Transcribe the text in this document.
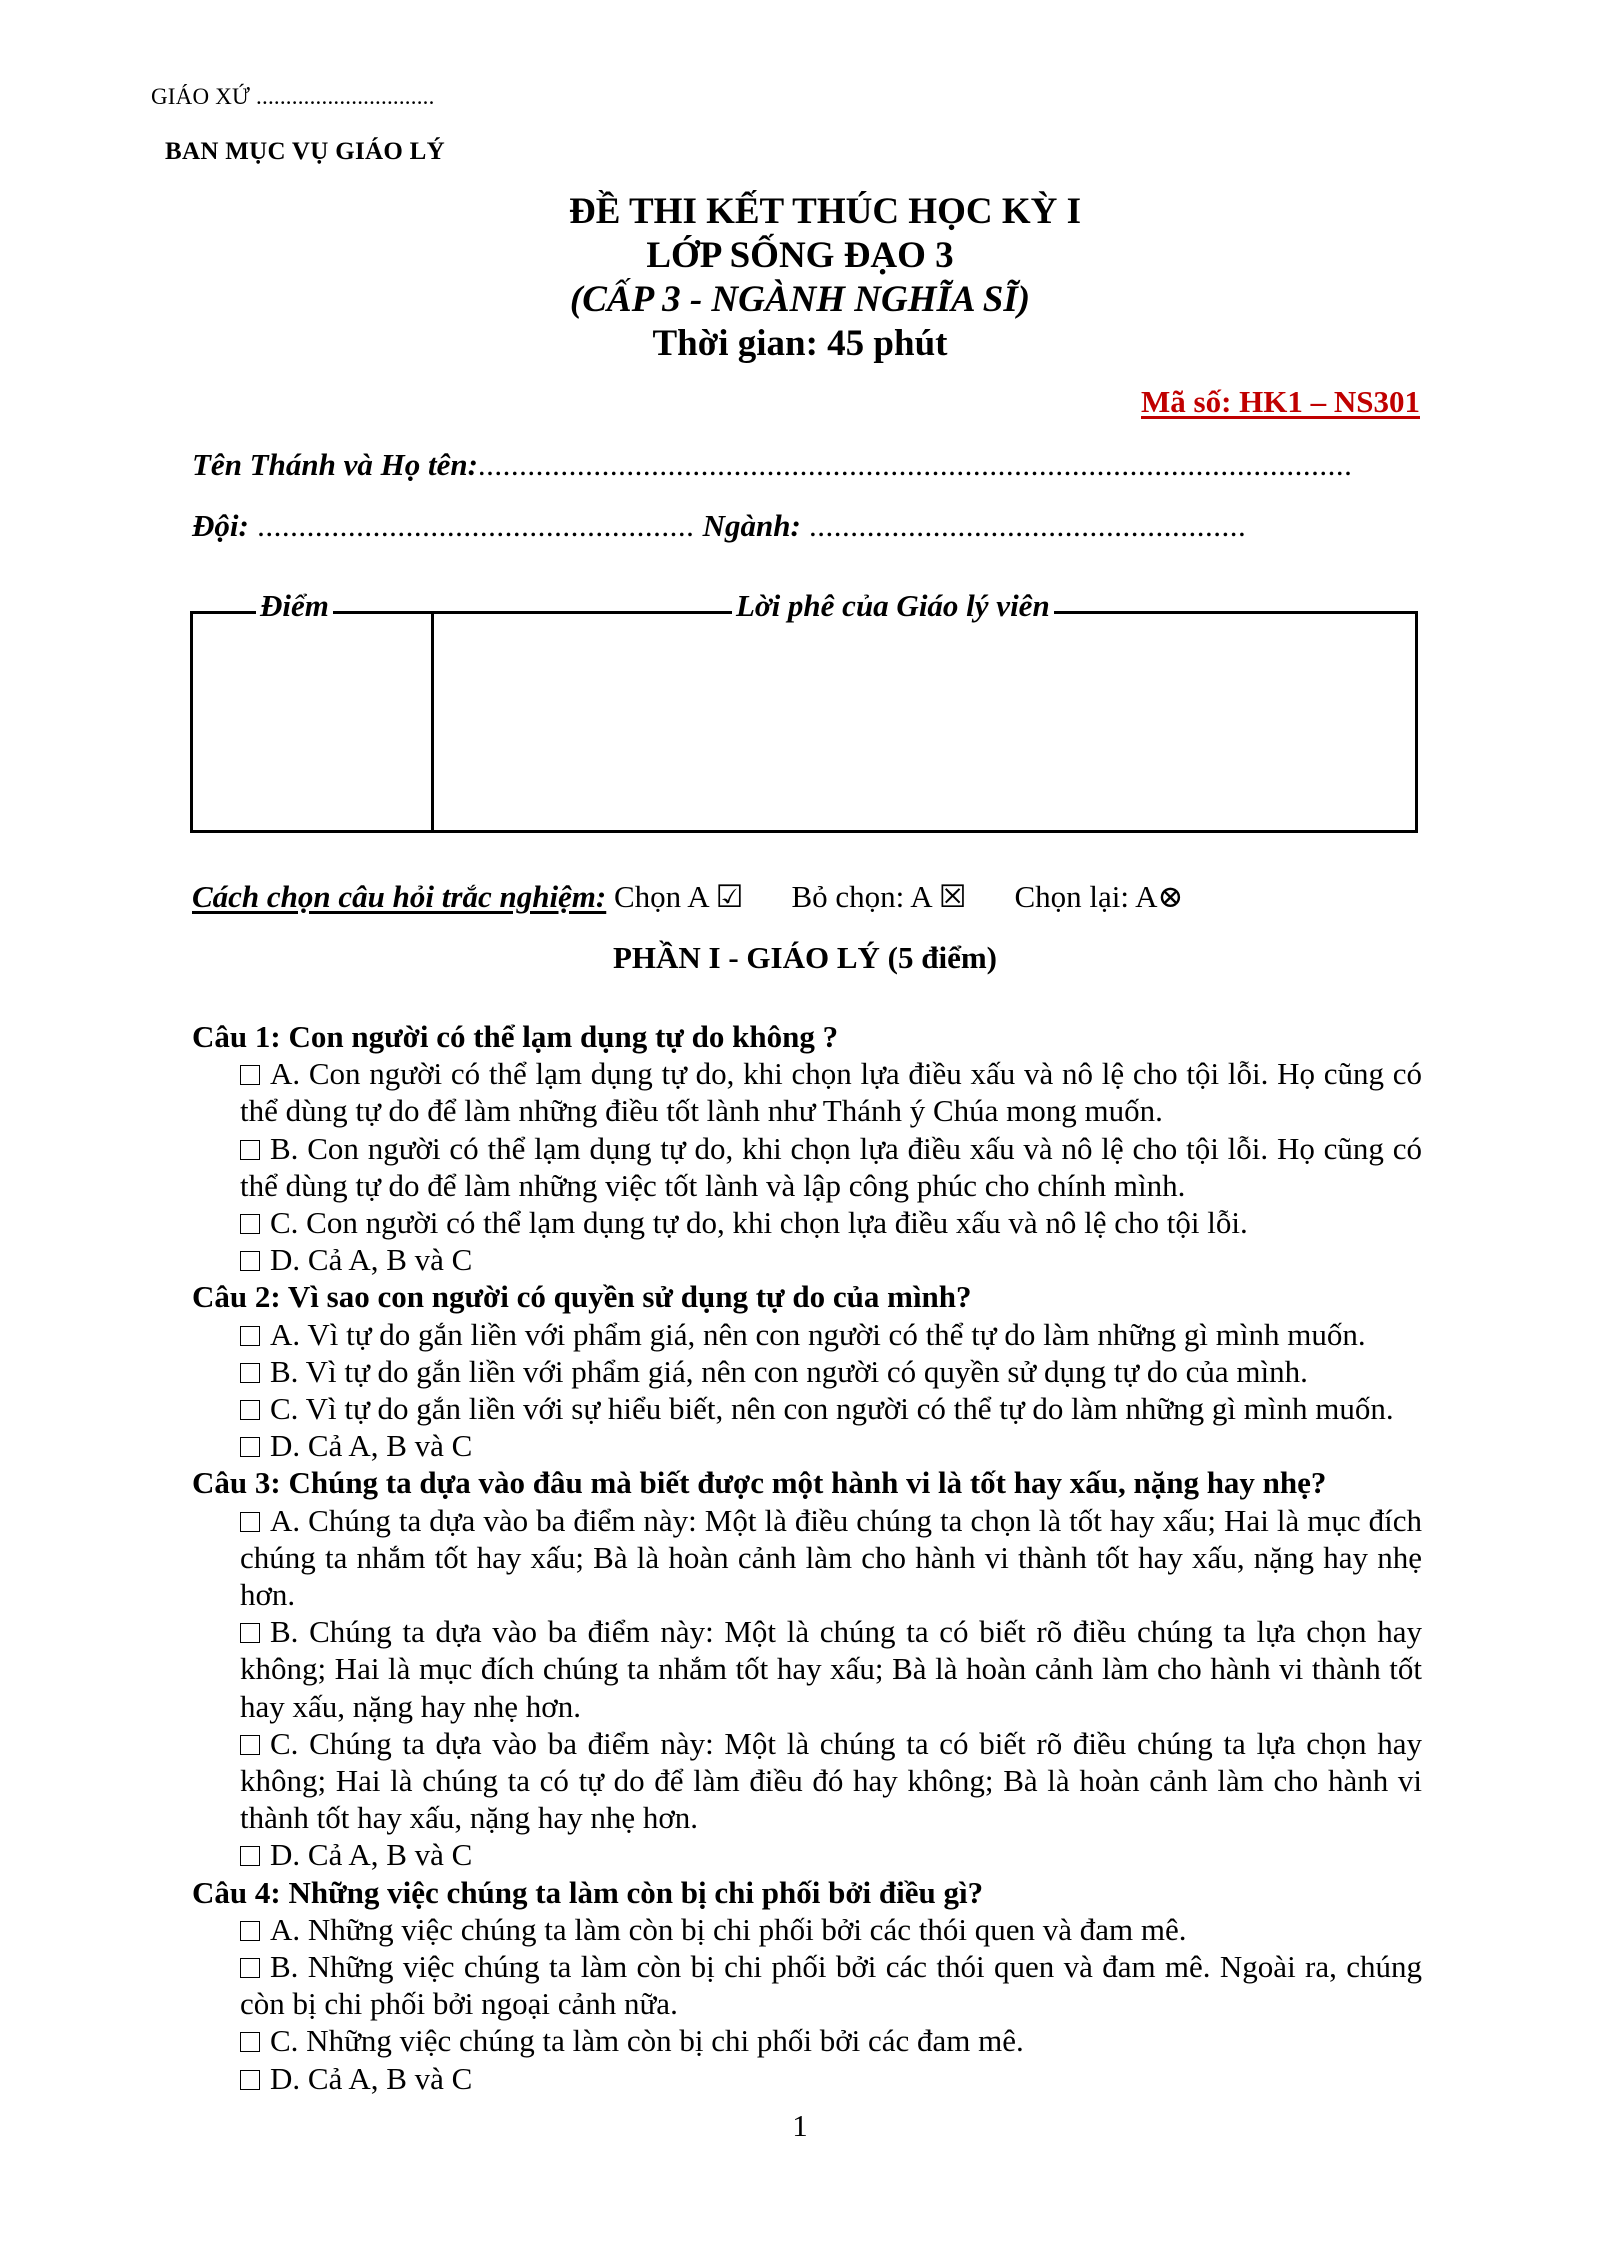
GIÁO XỨ ..............................
BAN MỤC VỤ GIÁO LÝ
ĐỀ THI KẾT THÚC HỌC KỲ I
LỚP SỐNG ĐẠO 3
(CẤP 3 - NGÀNH NGHĨA SĨ)
Thời gian: 45 phút
Mã số: HK1 – NS301
Tên Thánh và Họ tên:..........................................................................................................
Đội: ..................................................... Ngành: .....................................................
Điểm	Lời phê của Giáo lý viên
Cách chọn câu hỏi trắc nghiệm: Chọn A ☑ Bỏ chọn: A ☒ Chọn lại: A⊗
PHẦN I - GIÁO LÝ (5 điểm)
Câu 1: Con người có thể lạm dụng tự do không ?
A. Con người có thể lạm dụng tự do, khi chọn lựa điều xấu và nô lệ cho tội lỗi. Họ cũng có thể dùng tự do để làm những điều tốt lành như Thánh ý Chúa mong muốn.
B. Con người có thể lạm dụng tự do, khi chọn lựa điều xấu và nô lệ cho tội lỗi. Họ cũng có thể dùng tự do để làm những việc tốt lành và lập công phúc cho chính mình.
C. Con người có thể lạm dụng tự do, khi chọn lựa điều xấu và nô lệ cho tội lỗi.
D. Cả A, B và C
Câu 2: Vì sao con người có quyền sử dụng tự do của mình?
A. Vì tự do gắn liền với phẩm giá, nên con người có thể tự do làm những gì mình muốn.
B. Vì tự do gắn liền với phẩm giá, nên con người có quyền sử dụng tự do của mình.
C. Vì tự do gắn liền với sự hiểu biết, nên con người có thể tự do làm những gì mình muốn.
D. Cả A, B và C
Câu 3: Chúng ta dựa vào đâu mà biết được một hành vi là tốt hay xấu, nặng hay nhẹ?
A. Chúng ta dựa vào ba điểm này: Một là điều chúng ta chọn là tốt hay xấu; Hai là mục đích chúng ta nhắm tốt hay xấu; Bà là hoàn cảnh làm cho hành vi thành tốt hay xấu, nặng hay nhẹ hơn.
B. Chúng ta dựa vào ba điểm này: Một là chúng ta có biết rõ điều chúng ta lựa chọn hay không; Hai là mục đích chúng ta nhắm tốt hay xấu; Bà là hoàn cảnh làm cho hành vi thành tốt hay xấu, nặng hay nhẹ hơn.
C. Chúng ta dựa vào ba điểm này: Một là chúng ta có biết rõ điều chúng ta lựa chọn hay không; Hai là chúng ta có tự do để làm điều đó hay không; Bà là hoàn cảnh làm cho hành vi thành tốt hay xấu, nặng hay nhẹ hơn.
D. Cả A, B và C
Câu 4: Những việc chúng ta làm còn bị chi phối bởi điều gì?
A. Những việc chúng ta làm còn bị chi phối bởi các thói quen và đam mê.
B. Những việc chúng ta làm còn bị chi phối bởi các thói quen và đam mê. Ngoài ra, chúng còn bị chi phối bởi ngoại cảnh nữa.
C. Những việc chúng ta làm còn bị chi phối bởi các đam mê.
D. Cả A, B và C
1
